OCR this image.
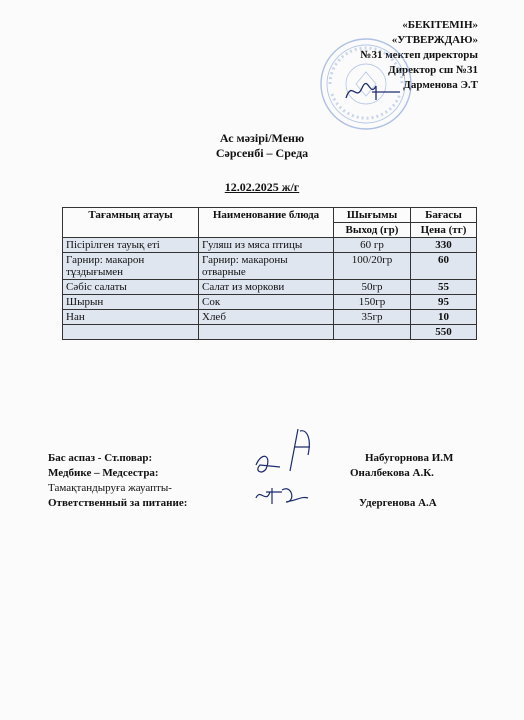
«БЕКІТЕМІН»
«УТВЕРЖДАЮ»
№31 мектеп директоры
Директор сш №31
Дарменова Э.Т
Ас мәзірі/Меню
Сәрсенбі – Среда
12.02.2025 ж/г
Тағамның атауы	Наименование блюда	Шығымы	Бағасы
		Выход (гр)	Цена (тг)
Пісірілген тауық еті	Гуляш из мяса птицы	60 гр	330
Гарнир: макарон тұздығымен	Гарнир: макароны отварные	100/20гр	60
Сәбіс салаты	Салат из моркови	50гр	55
Шырын	Сок	150гр	95
Нан	Хлеб	35гр	10
			550
Бас аспаз - Ст.повар:	Набугорнова И.М
Медбике – Медсестра:	Оналбекова А.К.
Тамақтандыруға жауапты-
Ответственный за питание:	Удергенова А.А
